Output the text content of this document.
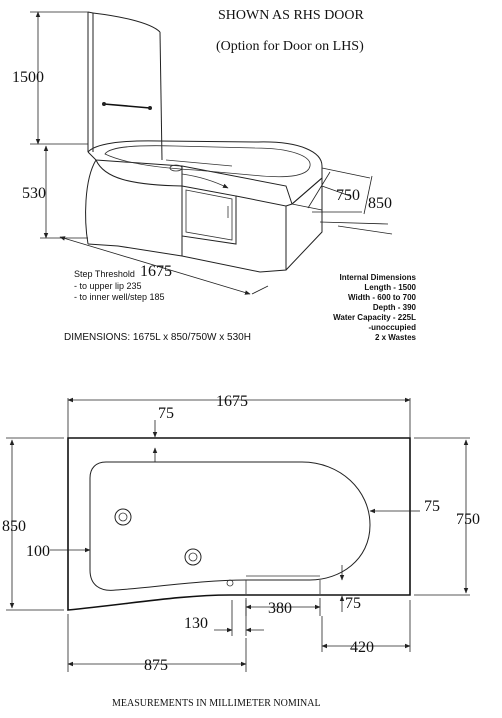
SHOWN AS RHS DOOR
(Option for Door on LHS)
1500
530
1675
750 850
Step Threshold
- to upper lip 235
- to inner well/step 185
Internal Dimensions
Length - 1500
Width - 600 to 700
Depth - 390
Water Capacity - 225L
-unoccupied
2 x Wastes
DIMENSIONS: 1675L x 850/750W x 530H
1675
75
75
750
850
100
380	75
130
875
420
MEASUREMENTS IN MILLIMETER NOMINAL
